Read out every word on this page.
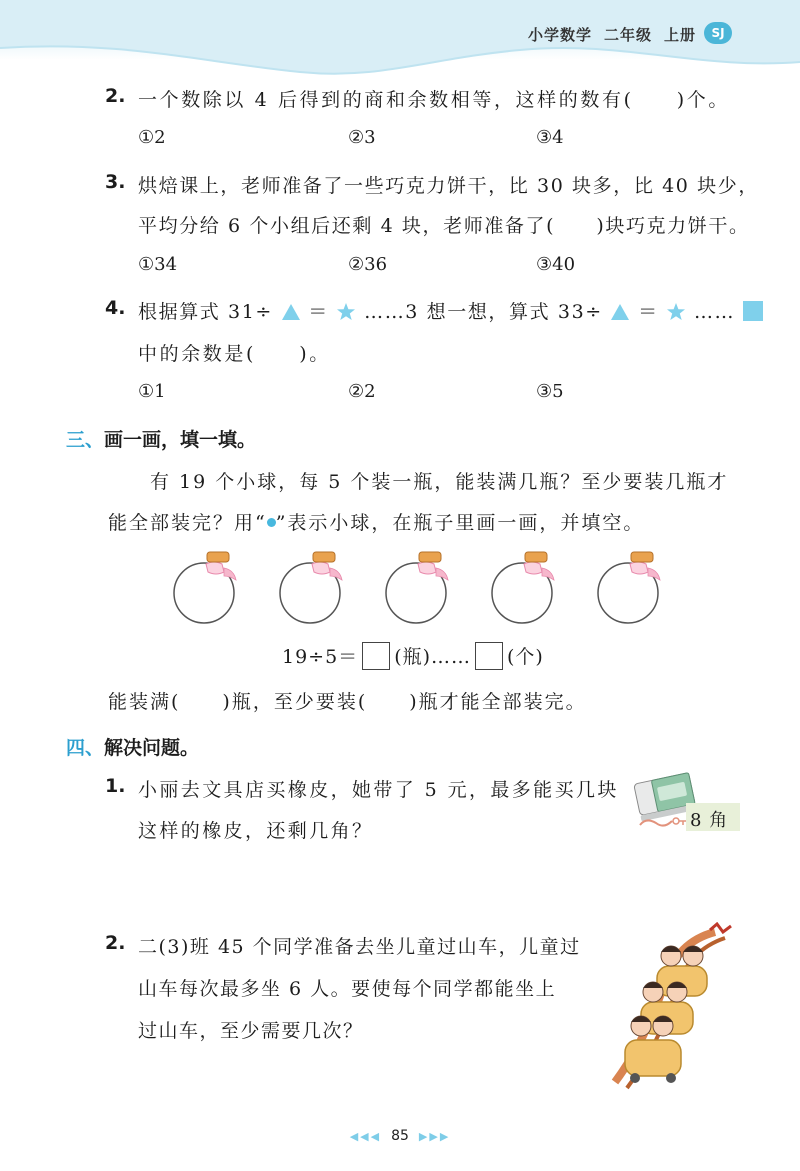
小学数学 二年级 上册	SJ
2. 一个数除以 4 后得到的商和余数相等，这样的数有(　　)个。
①2	②3	③4
3. 烘焙课上，老师准备了一些巧克力饼干，比 30 块多，比 40 块少，
平均分给 6 个小组后还剩 4 块，老师准备了(　　)块巧克力饼干。
①34	②36	③40
4. 根据算式 31÷ ＝ ……3 想一想，算式 33÷ ＝ ……
中的余数是(　　)。
①1	②2	③5
三、画一画，填一填。
有 19 个小球，每 5 个装一瓶，能装满几瓶？至少要装几瓶才
能全部装完？用“ ”表示小球，在瓶子里画一画，并填空。
19÷5＝ (瓶)…… (个)
能装满(　　)瓶，至少要装(　　)瓶才能全部装完。
四、解决问题。
1. 小丽去文具店买橡皮，她带了 5 元，最多能买几块
这样的橡皮，还剩几角？	8 角
2. 二(3)班 45 个同学准备去坐儿童过山车，儿童过
山车每次最多坐 6 人。要使每个同学都能坐上
过山车，至少需要几次？
◀◀◀ 85 ▶▶▶
